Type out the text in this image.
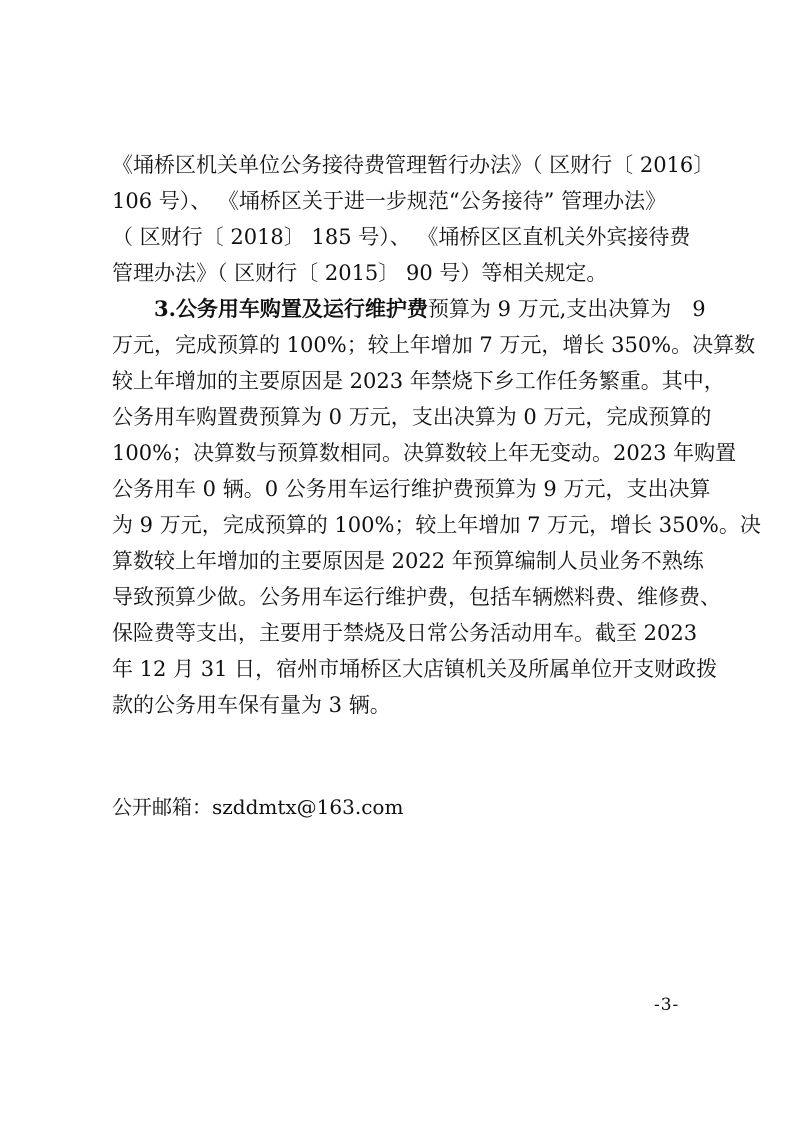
《埇桥区机关单位公务接待费管理暂行办法》（ 区财行〔 2016〕

106 号）、 《埇桥区关于进一步规范“公务接待” 管理办法》

（ 区财行〔 2018〕 185 号）、 《埇桥区区直机关外宾接待费

管理办法》（ 区财行〔 2015〕 90 号）等相关规定。

3.公务用车购置及运行维护费预算为 9 万元,支出决算为　9

万元，完成预算的 100%；较上年增加 7 万元，增长 350%。决算数

较上年增加的主要原因是 2023 年禁烧下乡工作任务繁重。其中，

公务用车购置费预算为 0 万元，支出决算为 0 万元，完成预算的

100%；决算数与预算数相同。决算数较上年无变动。2023 年购置

公务用车 0 辆。0 公务用车运行维护费预算为 9 万元，支出决算

为 9 万元，完成预算的 100%；较上年增加 7 万元，增长 350%。决

算数较上年增加的主要原因是 2022 年预算编制人员业务不熟练

导致预算少做。公务用车运行维护费，包括车辆燃料费、维修费、

保险费等支出，主要用于禁烧及日常公务活动用车。截至 2023

年 12 月 31 日，宿州市埇桥区大店镇机关及所属单位开支财政拨

款的公务用车保有量为 3 辆。

公开邮箱：szddmtx@163.com
-3-
